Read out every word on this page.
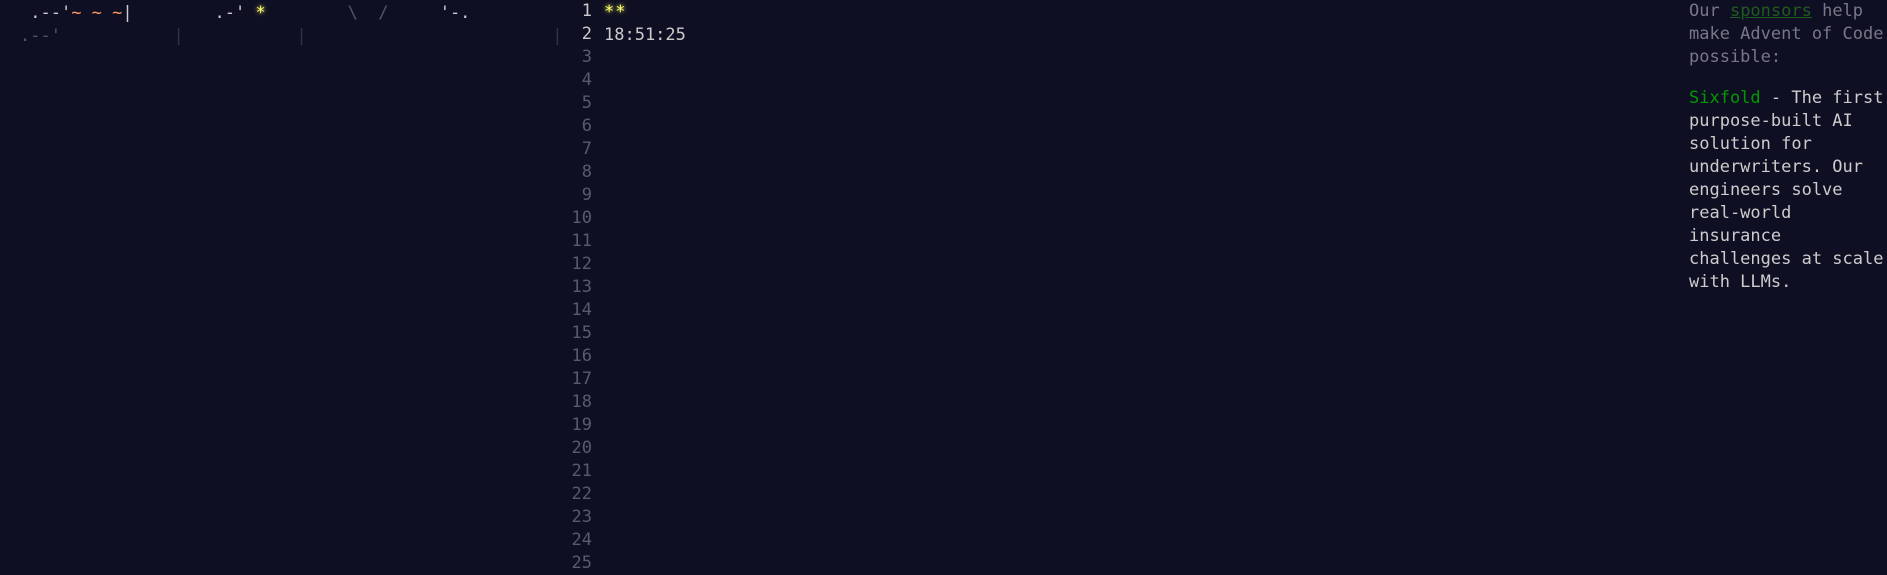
.--'~ ~ ~|        .-' *        \  /     '-.
.--'           |           |                        |
1
2
3
4
5
6
7
8
9
10
11
12
13
14
15
16
17
18
19
20
21
22
23
24
25
**
18:51:25

Our sponsors help make Advent of Code possible:

Sixfold - The first purpose-built AI solution for underwriters. Our engineers solve real-world insurance challenges at scale with LLMs.
